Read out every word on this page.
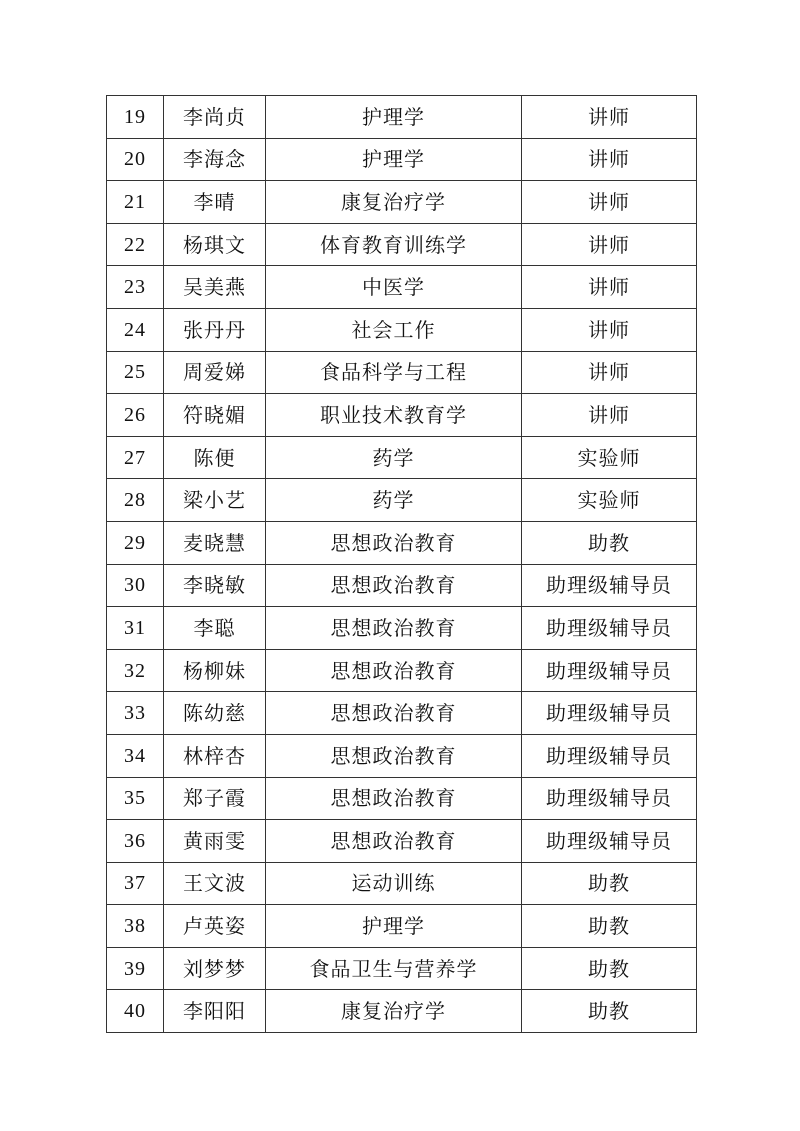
19	李尚贞	护理学	讲师
20	李海念	护理学	讲师
21	李晴	康复治疗学	讲师
22	杨琪文	体育教育训练学	讲师
23	吴美燕	中医学	讲师
24	张丹丹	社会工作	讲师
25	周爱娣	食品科学与工程	讲师
26	符晓媚	职业技术教育学	讲师
27	陈便	药学	实验师
28	梁小艺	药学	实验师
29	麦晓慧	思想政治教育	助教
30	李晓敏	思想政治教育	助理级辅导员
31	李聪	思想政治教育	助理级辅导员
32	杨柳妹	思想政治教育	助理级辅导员
33	陈幼慈	思想政治教育	助理级辅导员
34	林梓杏	思想政治教育	助理级辅导员
35	郑子霞	思想政治教育	助理级辅导员
36	黄雨雯	思想政治教育	助理级辅导员
37	王文波	运动训练	助教
38	卢英姿	护理学	助教
39	刘梦梦	食品卫生与营养学	助教
40	李阳阳	康复治疗学	助教
